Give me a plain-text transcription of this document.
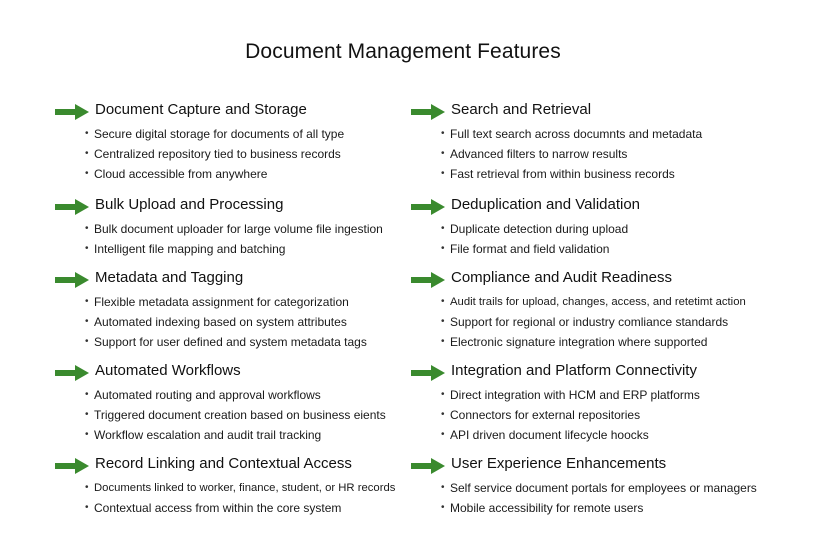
Document Management Features
Document Capture and Storage
• Secure digital storage for documents of all type
• Centralized repository tied to business records
• Cloud accessible from anywhere
Bulk Upload and Processing
• Bulk document uploader for large volume file ingestion
• Intelligent file mapping and batching
Metadata and Tagging
• Flexible metadata assignment for categorization
• Automated indexing based on system attributes
• Support for user defined and system metadata tags
Automated Workflows
• Automated routing and approval workflows
• Triggered document creation based on business eients
• Workflow escalation and audit trail tracking
Record Linking and Contextual Access
• Documents linked to worker, finance, student, or HR records
• Contextual access from within the core system
Search and Retrieval
• Full text search across documnts and metadata
• Advanced filters to narrow results
• Fast retrieval from within business records
Deduplication and Validation
• Duplicate detection during upload
• File format and field validation
Compliance and Audit Readiness
• Audit trails for upload, changes, access, and retetimt action
• Support for regional or industry comliance standards
• Electronic signature integration where supported
Integration and Platform Connectivity
• Direct integration with HCM and ERP platforms
• Connectors for external repositories
• API driven document lifecycle hoocks
User Experience Enhancements
• Self service document portals for employees or managers
• Mobile accessibility for remote users
